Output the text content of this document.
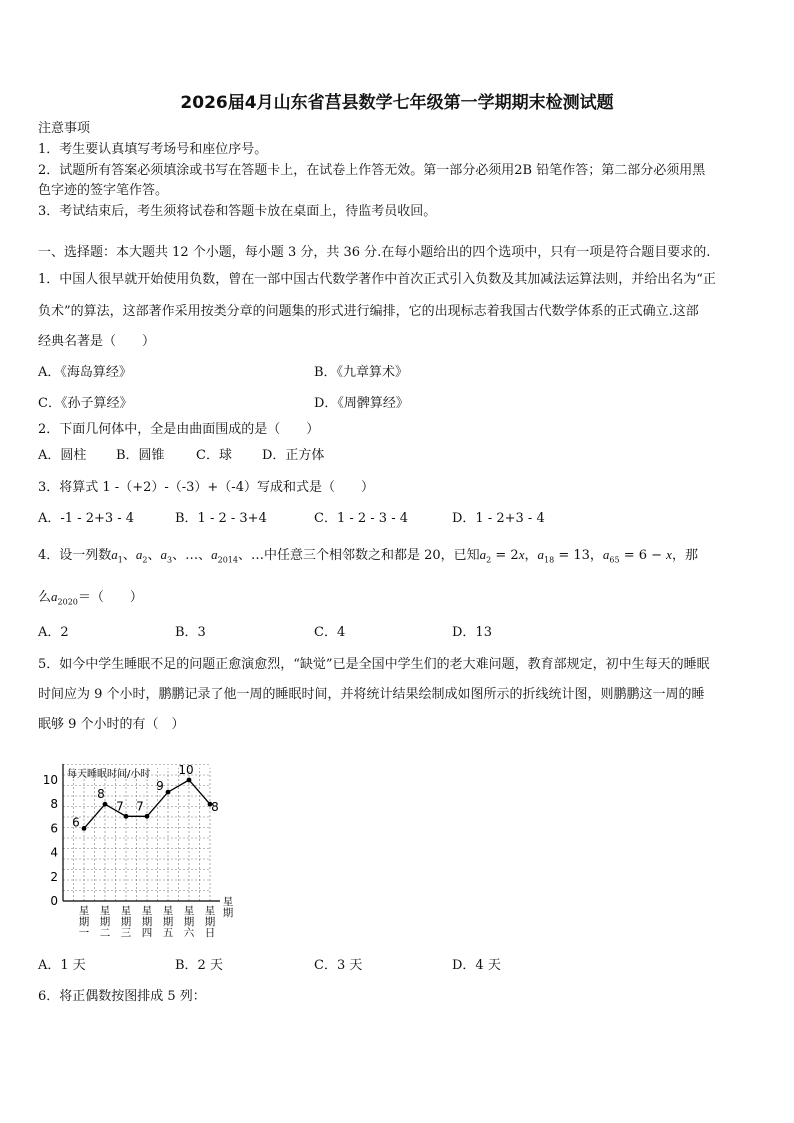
2026届4月山东省莒县数学七年级第一学期期末检测试题
注意事项
1．考生要认真填写考场号和座位序号。
2．试题所有答案必须填涂或书写在答题卡上，在试卷上作答无效。第一部分必须用2B 铅笔作答；第二部分必须用黑
色字迹的签字笔作答。
3．考试结束后，考生须将试卷和答题卡放在桌面上，待监考员收回。
一、选择题：本大题共 12 个小题，每小题 3 分，共 36 分.在每小题给出的四个选项中，只有一项是符合题目要求的.
1．中国人很早就开始使用负数，曾在一部中国古代数学著作中首次正式引入负数及其加减法运算法则，并给出名为“正
负术”的算法，这部著作采用按类分章的问题集的形式进行编排，它的出现标志着我国古代数学体系的正式确立.这部
经典名著是（　　）
A．《海岛算经》	B．《九章算术》
C．《孙子算经》	D．《周髀算经》
2．下面几何体中，全是由曲面围成的是（　　）
A．圆柱 B．圆锥 C．球 D．正方体
3．将算式 1 -（+2）-（-3）+（-4）写成和式是（　　）
A．-1 - 2+3 - 4	B．1 - 2 - 3+4	C．1 - 2 - 3 - 4	D．1 - 2+3 - 4
4．设一列数$a_1$、$a_2$、$a_3$、…、$a_{2014}$、…中任意三个相邻数之和都是 20，已知$a_2 = 2x$，$a_{18} = 13$，$a_{65} = 6 - x$，那
么$a_{2020}=$（　　）
A．2	B．3	C．4	D．13
5．如今中学生睡眠不足的问题正愈演愈烈，“缺觉”已是全国中学生们的老大难问题，教育部规定，初中生每天的睡眠
时间应为 9 个小时，鹏鹏记录了他一周的睡眠时间，并将统计结果绘制成如图所示的折线统计图，则鹏鹏这一周的睡
眠够 9 个小时的有（　）
0
2
4
6
8
10 每天睡眠时间/小时
星期一
星期二
星期三
星期四
星期五
星期六
星期日
星期
6
8
7 7
9
10
8
A．1 天	B．2 天	C．3 天	D．4 天
6．将正偶数按图排成 5 列：
